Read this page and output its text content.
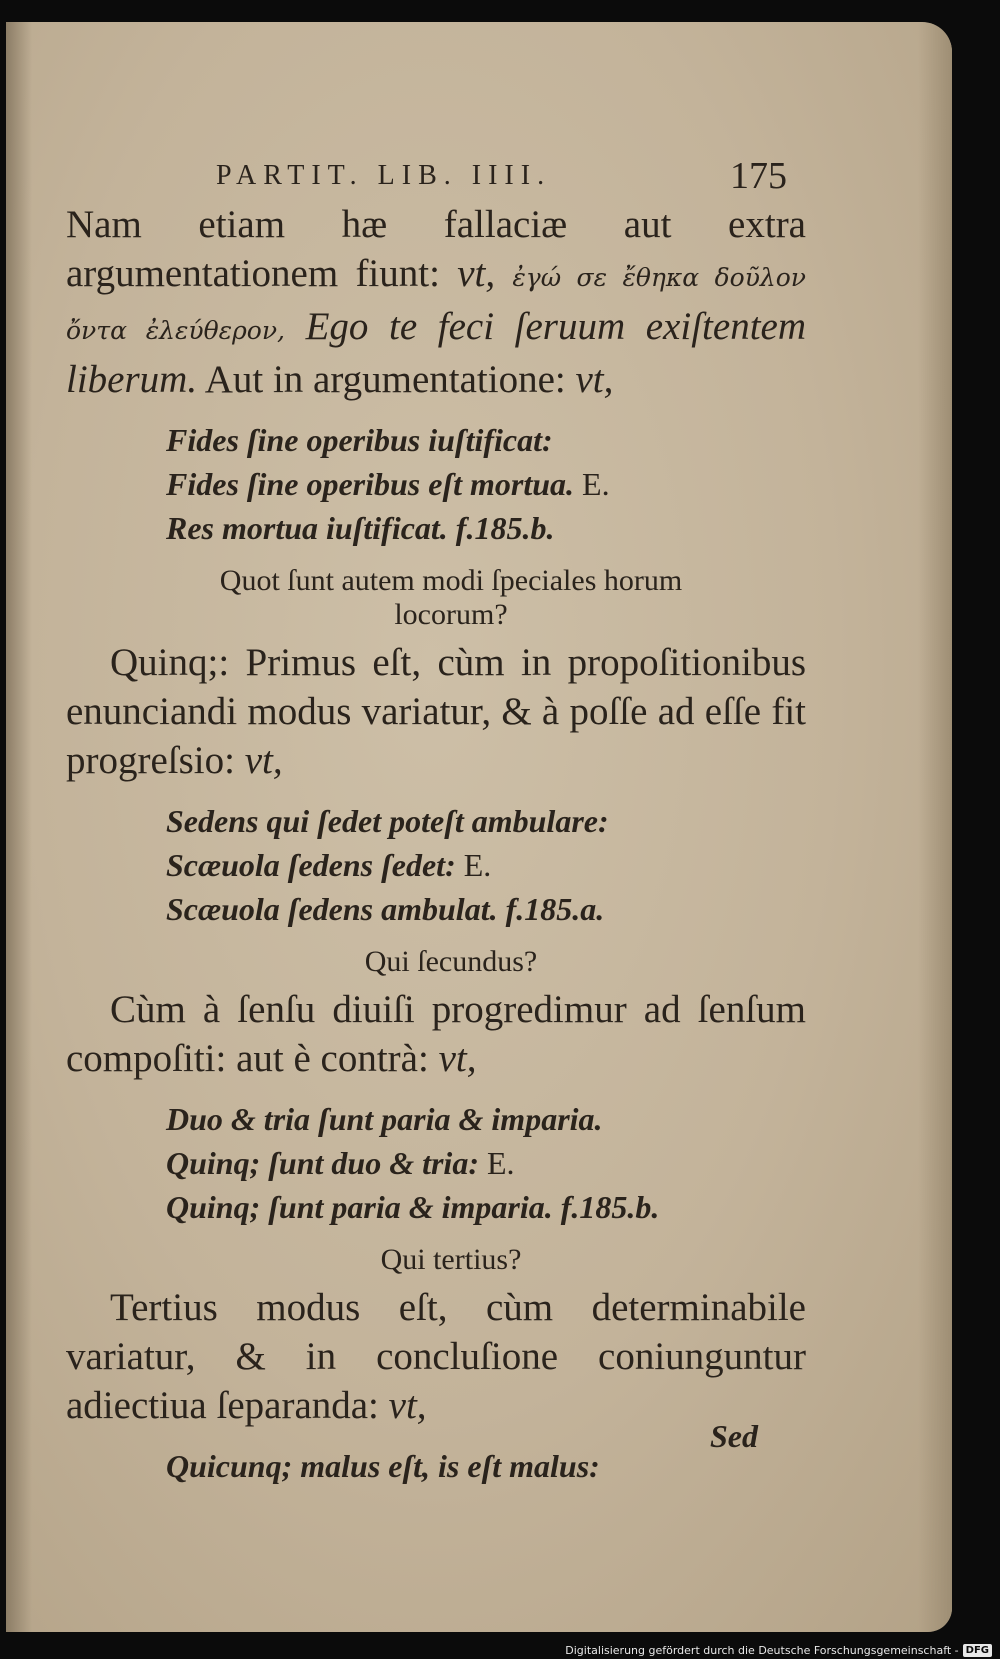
PARTIT. LIB. IIII.	175

Nam etiam hæ fallaciæ aut extra argumentationem fiunt: vt, ἐγώ σε ἔθηκα δοῦλον ὄντα ἐλεύθερον, Ego te feci ſeruum exiſtentem liberum. Aut in argumentatione: vt,

Fides ſine operibus iuſtificat:
Fides ſine operibus eſt mortua. E.
Res mortua iuſtificat. f.185.b.
Quot ſunt autem modi ſpeciales horum
locorum?

Quinq;: Primus eſt, cùm in propoſitionibus enunciandi modus variatur, & à poſſe ad eſſe fit progreſsio: vt,

Sedens qui ſedet poteſt ambulare:
Scæuola ſedens ſedet: E.
Scæuola ſedens ambulat. f.185.a.
Qui ſecundus?

Cùm à ſenſu diuiſi progredimur ad ſenſum compoſiti: aut è contrà: vt,

Duo & tria ſunt paria & imparia.
Quinq; ſunt duo & tria: E.
Quinq; ſunt paria & imparia. f.185.b.
Qui tertius?

Tertius modus eſt, cùm determinabile variatur, & in concluſione coniunguntur adiectiua ſeparanda: vt,

Quicunq; malus eſt, is eſt malus:
Sed
Digitalisierung gefördert durch die Deutsche Forschungsgemeinschaft - DFG
